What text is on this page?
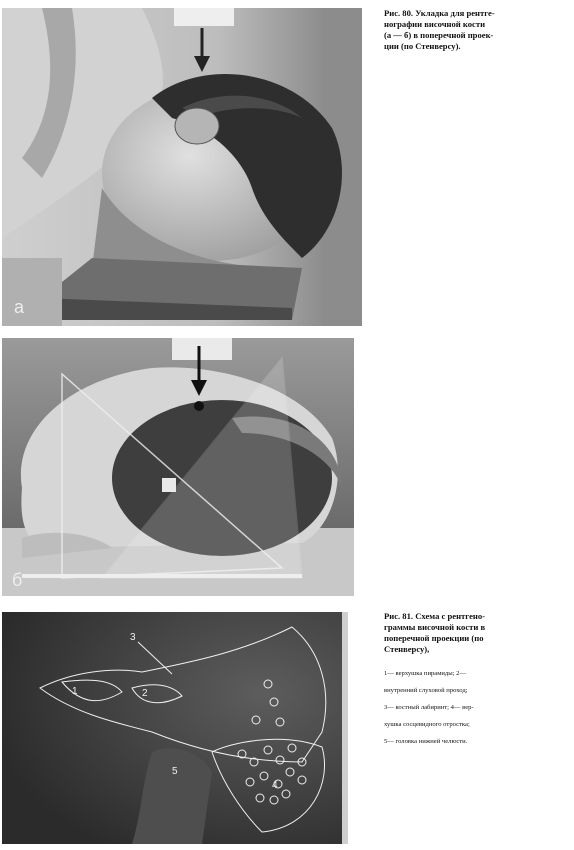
а
б
1	2
3
4
5
Рис. 80. Укладка для рентге-
нографии височной кости
(а — б) в поперечной проек-
ции (по Стенверсу).
Рис. 81. Схема с рентгено-
граммы височной кости в
поперечной проекции (по
Стенверсу),

1— верхушка пирамиды; 2—

внутренний слуховой проход;

3— костный лабиринт; 4— вер-

хушка сосцевидного отростка;

5— головка нижней челюсти.
